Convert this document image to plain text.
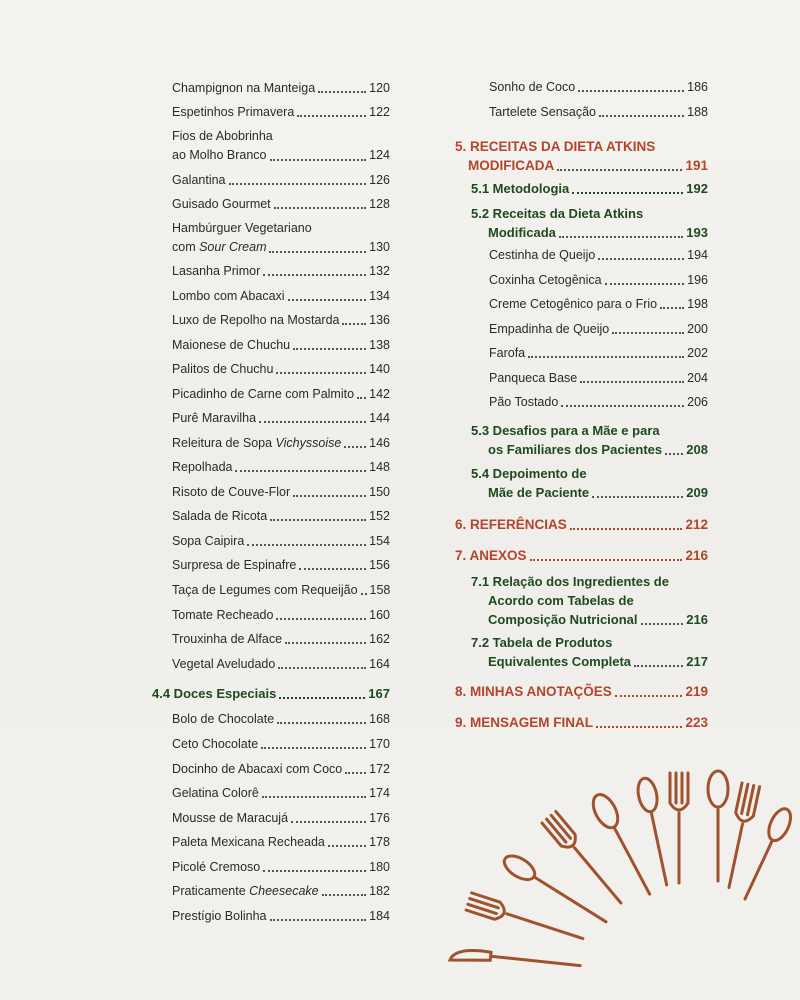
Champignon na Manteiga	120
Espetinhos Primavera	122
Fios de Abobrinha
ao Molho Branco	124
Galantina	126
Guisado Gourmet	128
Hambúrguer Vegetariano
com Sour Cream	130
Lasanha Primor	132
Lombo com Abacaxi	134
Luxo de Repolho na Mostarda 136
Maionese de Chuchu	138
Palitos de Chuchu	140
Picadinho de Carne com Palmito 142
Purê Maravilha	144
Releitura de Sopa Vichyssoise 146
Repolhada	148
Risoto de Couve-Flor	150
Salada de Ricota	152
Sopa Caipira	154
Surpresa de Espinafre	156
Taça de Legumes com Requeijão 158
Tomate Recheado	160
Trouxinha de Alface	162
Vegetal Aveludado	164
4.4 Doces Especiais	167
Bolo de Chocolate	168
Ceto Chocolate	170
Docinho de Abacaxi com Coco 172
Gelatina Colorê	174
Mousse de Maracujá	176
Paleta Mexicana Recheada	178
Picolé Cremoso	180
Praticamente Cheesecake	182
Prestígio Bolinha	184
Sonho de Coco	186
Tartelete Sensação	188
5. RECEITAS DA DIETA ATKINS
MODIFICADA	191
5.1 Metodologia	192
5.2 Receitas da Dieta Atkins
Modificada	193
Cestinha de Queijo	194
Coxinha Cetogênica	196
Creme Cetogênico para o Frio 198
Empadinha de Queijo	200
Farofa	202
Panqueca Base	204
Pão Tostado	206
5.3 Desafios para a Mãe e para
os Familiares dos Pacientes 208
5.4 Depoimento de
Mãe de Paciente	209
6. REFERÊNCIAS	212
7. ANEXOS	216
7.1 Relação dos Ingredientes de
Acordo com Tabelas de
Composição Nutricional	216
7.2 Tabela de Produtos
Equivalentes Completa	217
8. MINHAS ANOTAÇÕES	219
9. MENSAGEM FINAL	223
